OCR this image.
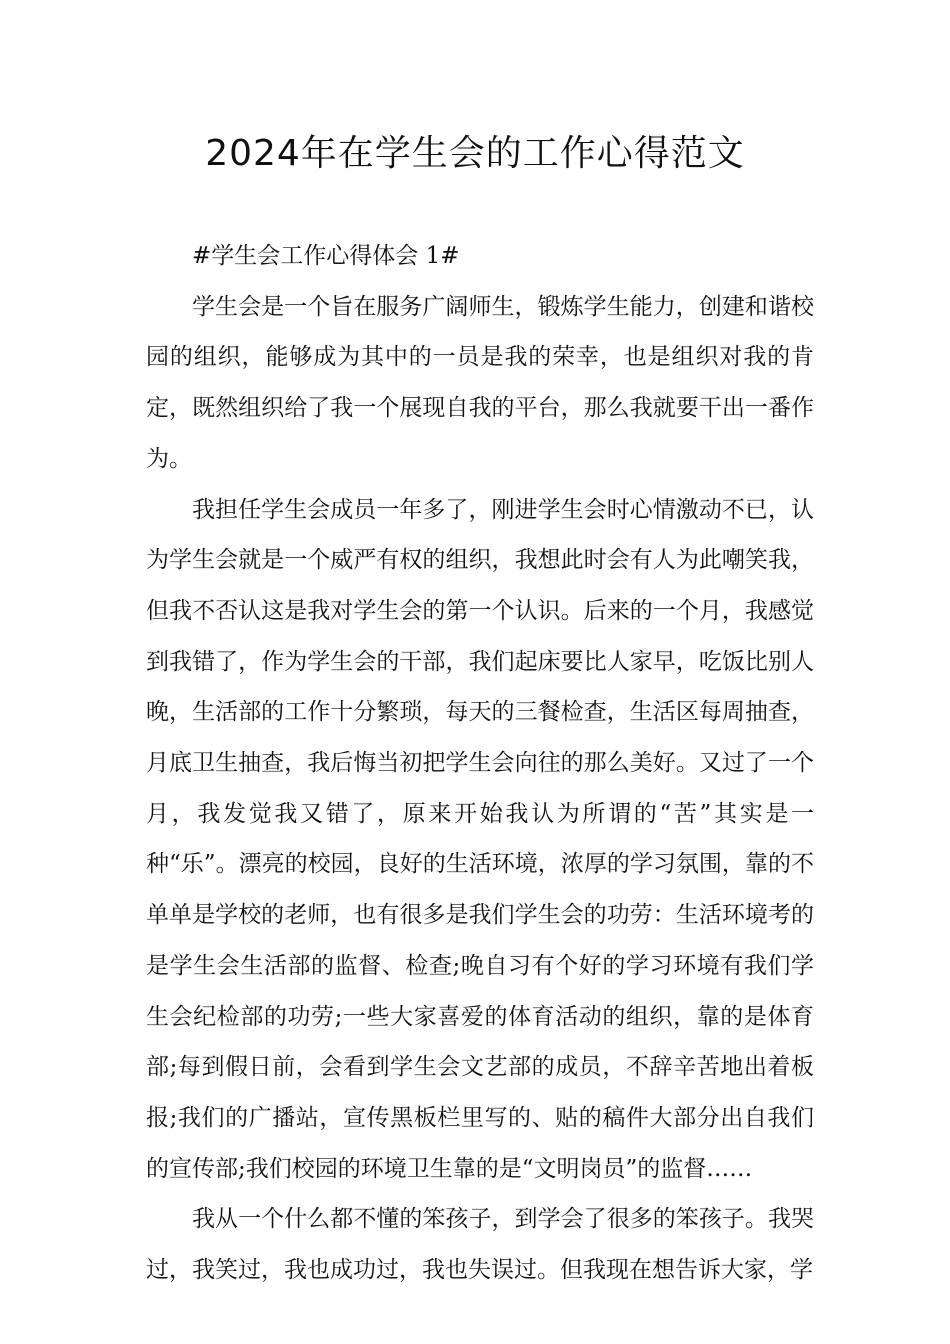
2024年在学生会的工作心得范文

#学生会工作心得体会 1#

学生会是一个旨在服务广阔师生，锻炼学生能力，创建和谐校园的组织，能够成为其中的一员是我的荣幸，也是组织对我的肯定，既然组织给了我一个展现自我的平台，那么我就要干出一番作为。

我担任学生会成员一年多了，刚进学生会时心情激动不已，认为学生会就是一个威严有权的组织，我想此时会有人为此嘲笑我，但我不否认这是我对学生会的第一个认识。后来的一个月，我感觉到我错了，作为学生会的干部，我们起床要比人家早，吃饭比别人晚，生活部的工作十分繁琐，每天的三餐检查，生活区每周抽查，月底卫生抽查，我后悔当初把学生会向往的那么美好。又过了一个月，我发觉我又错了，原来开始我认为所谓的“苦”其实是一种“乐”。漂亮的校园，良好的生活环境，浓厚的学习氛围，靠的不单单是学校的老师，也有很多是我们学生会的功劳：生活环境考的是学生会生活部的监督、检查;晚自习有个好的学习环境有我们学生会纪检部的功劳;一些大家喜爱的体育活动的组织，靠的是体育部;每到假日前，会看到学生会文艺部的成员，不辞辛苦地出着板报;我们的广播站，宣传黑板栏里写的、贴的稿件大部分出自我们的宣传部;我们校园的环境卫生靠的是“文明岗员”的监督……

我从一个什么都不懂的笨孩子，到学会了很多的笨孩子。我哭过，我笑过，我也成功过，我也失误过。但我现在想告诉大家，学
